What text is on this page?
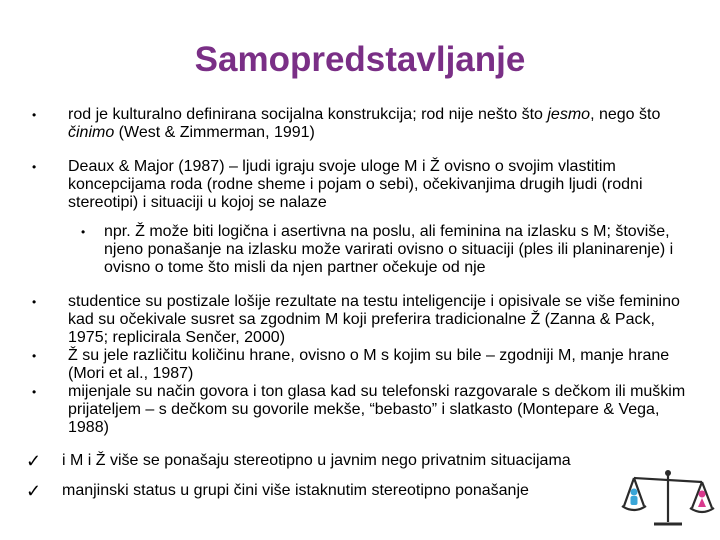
Samopredstavljanje
•	rod je kulturalno definirana socijalna konstrukcija; rod nije nešto što jesmo, nego što činimo (West & Zimmerman, 1991)
•	Deaux & Major (1987) – ljudi igraju svoje uloge M i Ž ovisno o svojim vlastitim koncepcijama roda (rodne sheme i pojam o sebi), očekivanjima drugih ljudi (rodni stereotipi) i situaciji u kojoj se nalaze
•	npr. Ž može biti logična i asertivna na poslu, ali feminina na izlasku s M; štoviše, njeno ponašanje na izlasku može varirati ovisno o situaciji (ples ili planinarenje) i ovisno o tome što misli da njen partner očekuje od nje
•	studentice su postizale lošije rezultate na testu inteligencije i opisivale se više feminino kad su očekivale susret sa zgodnim M koji preferira tradicionalne Ž (Zanna & Pack, 1975; replicirala Senčer, 2000)
•	Ž su jele različitu količinu hrane, ovisno o M s kojim su bile – zgodniji M, manje hrane (Mori et al., 1987)
•	mijenjale su način govora i ton glasa kad su telefonski razgovarale s dečkom ili muškim prijateljem – s dečkom su govorile mekše, “bebasto” i slatkasto (Montepare & Vega, 1988)
✓	i M i Ž više se ponašaju stereotipno u javnim nego privatnim situacijama
✓	manjinski status u grupi čini više istaknutim stereotipno ponašanje
